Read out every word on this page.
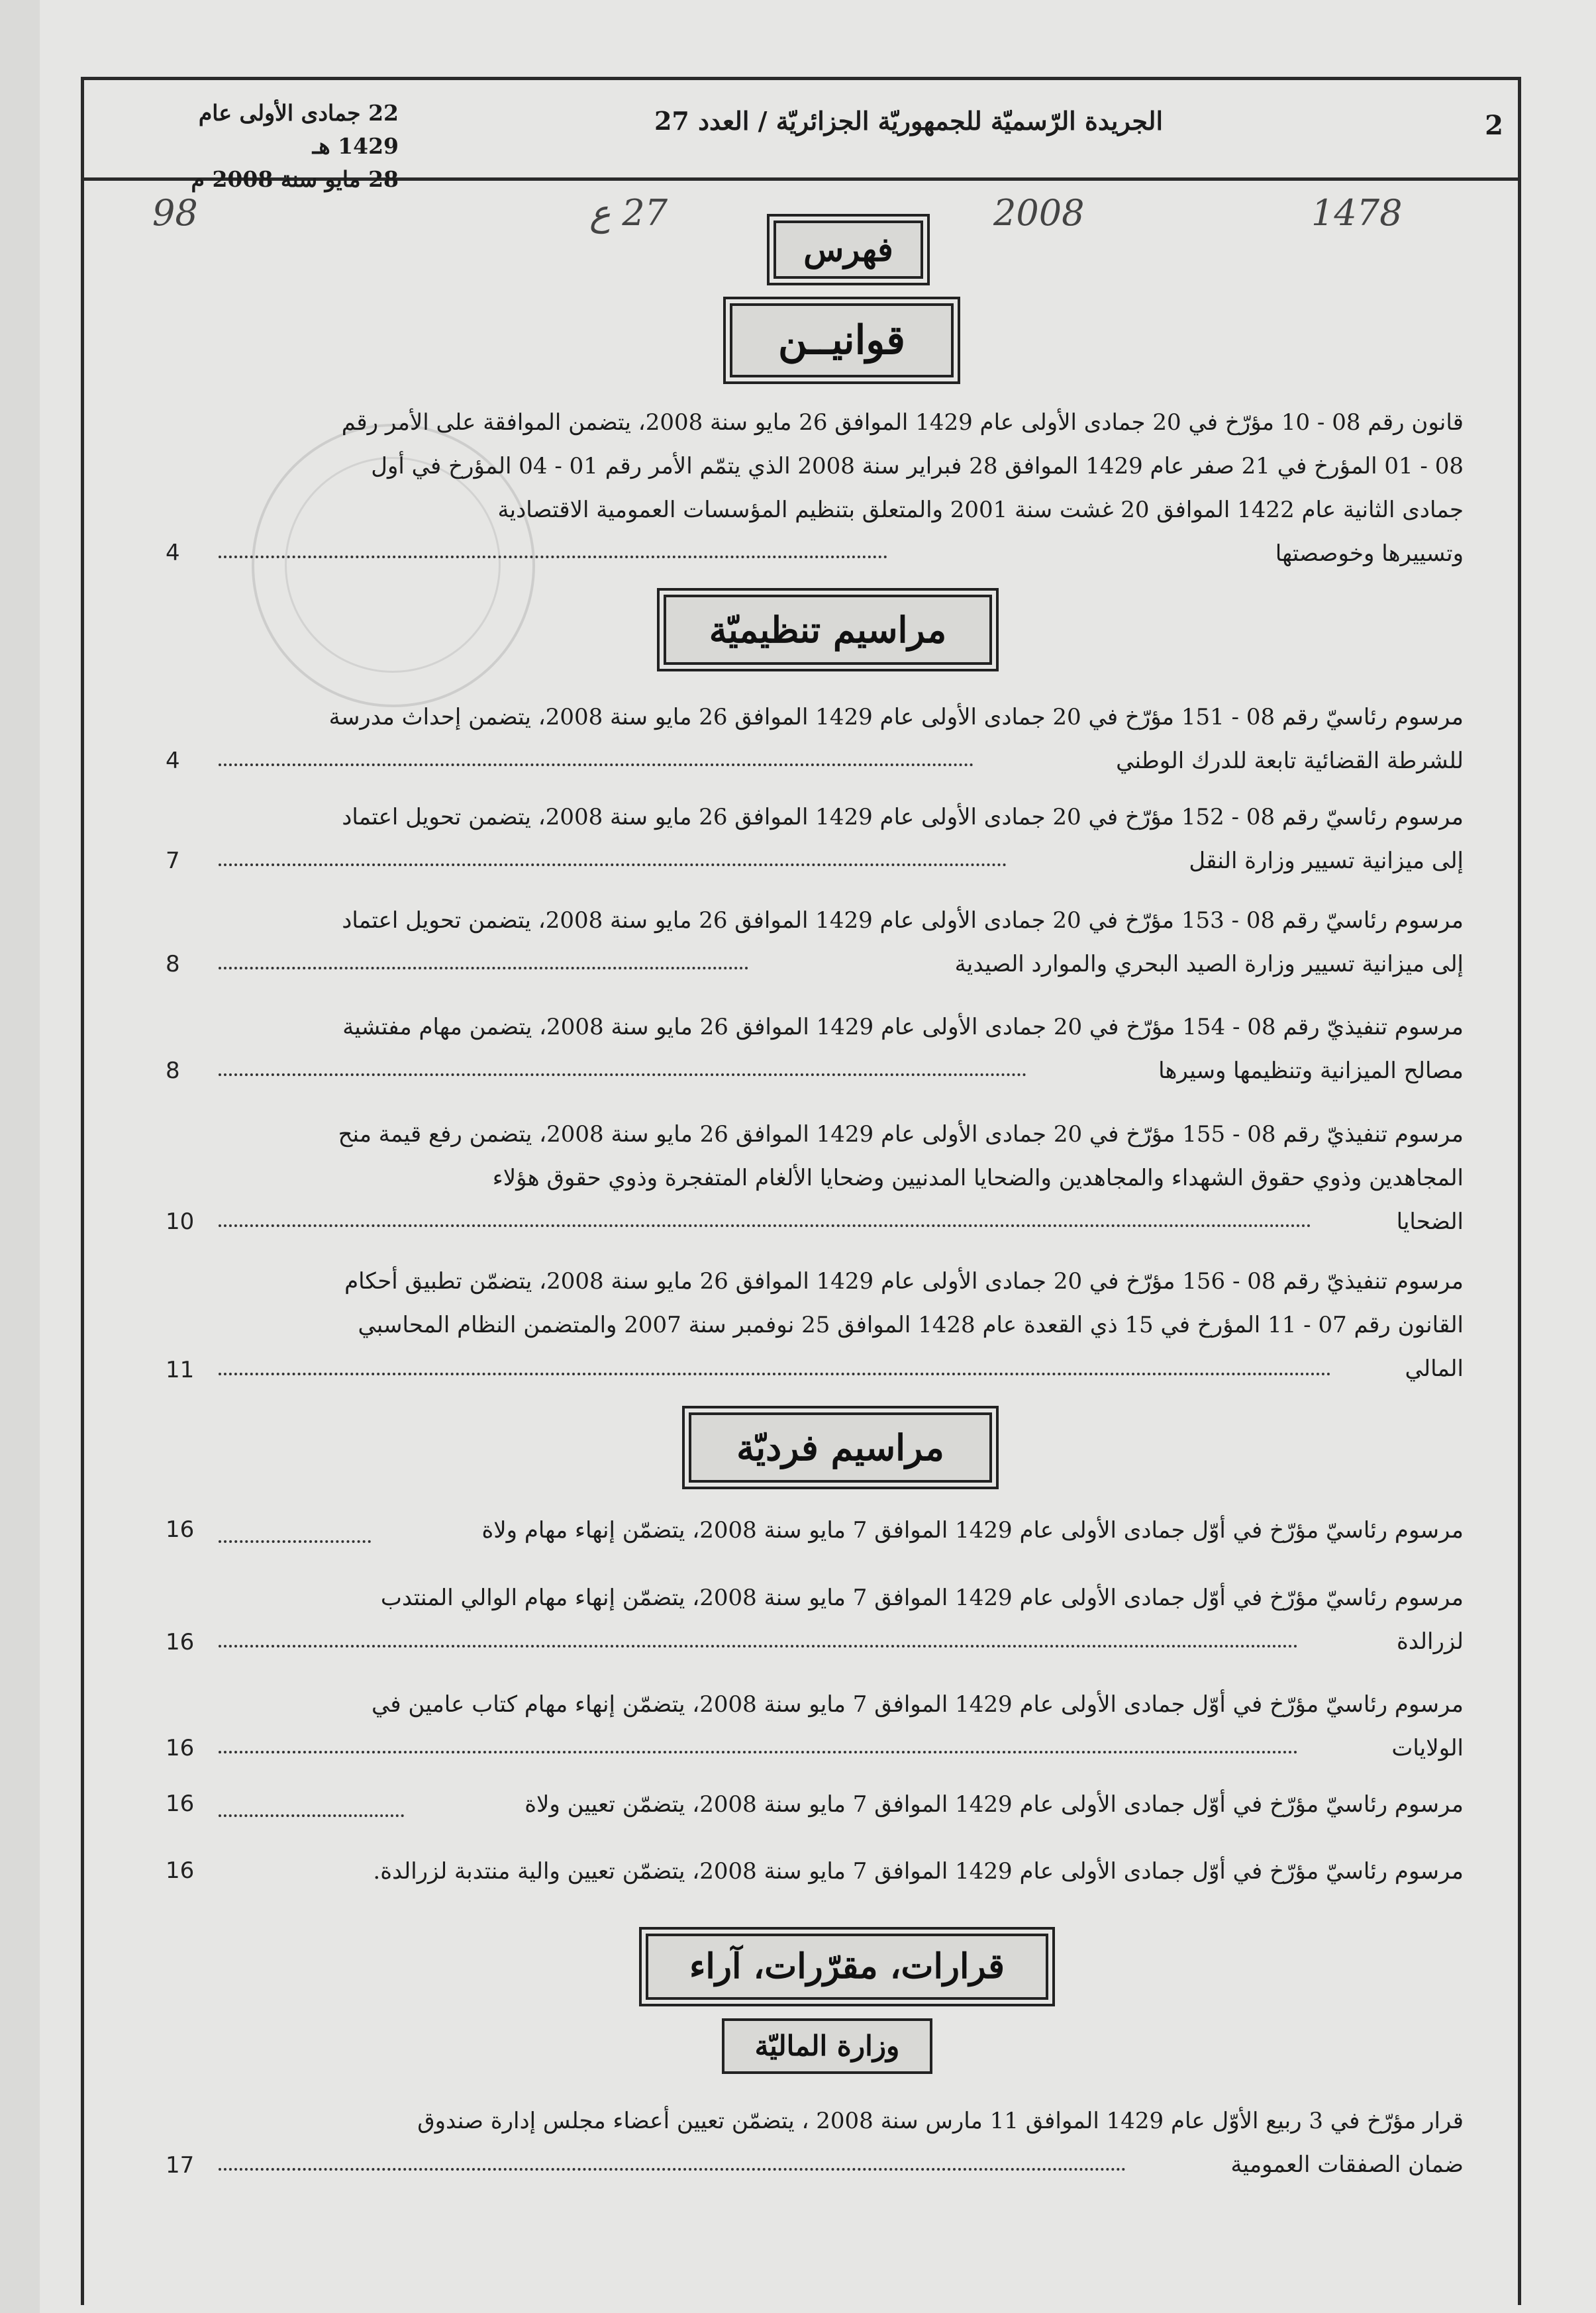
2
الجريدة الرّسميّة للجمهوريّة الجزائريّة / العدد 27
22 جمادى الأولى عام 1429 هـ
28 مايو سنة 2008 م
1478
2008
27 ع
98
فهرس
قوانيــن
مراسيم تنظيميّة
مراسيم فرديّة
قرارات، مقرّرات، آراء
وزارة الماليّة
قانون رقم 08 - 10 مؤرّخ في 20 جمادى الأولى عام 1429 الموافق 26 مايو سنة 2008، يتضمن الموافقة على الأمر رقم
08 - 01 المؤرخ في 21 صفر عام 1429 الموافق 28 فبراير سنة 2008 الذي يتمّم الأمر رقم 01 - 04 المؤرخ في أول
جمادى الثانية عام 1422 الموافق 20 غشت سنة 2001 والمتعلق بتنظيم المؤسسات العمومية الاقتصادية
وتسييرها وخوصصتها
4
مرسوم رئاسيّ رقم 08 - 151 مؤرّخ في 20 جمادى الأولى عام 1429 الموافق 26 مايو سنة 2008، يتضمن إحداث مدرسة
للشرطة القضائية تابعة للدرك الوطني
4
مرسوم رئاسيّ رقم 08 - 152 مؤرّخ في 20 جمادى الأولى عام 1429 الموافق 26 مايو سنة 2008، يتضمن تحويل اعتماد
إلى ميزانية تسيير وزارة النقل
7
مرسوم رئاسيّ رقم 08 - 153 مؤرّخ في 20 جمادى الأولى عام 1429 الموافق 26 مايو سنة 2008، يتضمن تحويل اعتماد
إلى ميزانية تسيير وزارة الصيد البحري والموارد الصيدية
8
مرسوم تنفيذيّ رقم 08 - 154 مؤرّخ في 20 جمادى الأولى عام 1429 الموافق 26 مايو سنة 2008، يتضمن مهام مفتشية
مصالح الميزانية وتنظيمها وسيرها
8
مرسوم تنفيذيّ رقم 08 - 155 مؤرّخ في 20 جمادى الأولى عام 1429 الموافق 26 مايو سنة 2008، يتضمن رفع قيمة منح
المجاهدين وذوي حقوق الشهداء والمجاهدين والضحايا المدنيين وضحايا الألغام المتفجرة وذوي حقوق هؤلاء
الضحايا
10
مرسوم تنفيذيّ رقم 08 - 156 مؤرّخ في 20 جمادى الأولى عام 1429 الموافق 26 مايو سنة 2008، يتضمّن تطبيق أحكام
القانون رقم 07 - 11 المؤرخ في 15 ذي القعدة عام 1428 الموافق 25 نوفمبر سنة 2007 والمتضمن النظام المحاسبي
المالي
11
مرسوم رئاسيّ مؤرّخ في أوّل جمادى الأولى عام 1429 الموافق 7 مايو سنة 2008، يتضمّن إنهاء مهام ولاة
16
مرسوم رئاسيّ مؤرّخ في أوّل جمادى الأولى عام 1429 الموافق 7 مايو سنة 2008، يتضمّن إنهاء مهام الوالي المنتدب
لزرالدة
16
مرسوم رئاسيّ مؤرّخ في أوّل جمادى الأولى عام 1429 الموافق 7 مايو سنة 2008، يتضمّن إنهاء مهام كتاب عامين في
الولايات
16
مرسوم رئاسيّ مؤرّخ في أوّل جمادى الأولى عام 1429 الموافق 7 مايو سنة 2008، يتضمّن تعيين ولاة
16
مرسوم رئاسيّ مؤرّخ في أوّل جمادى الأولى عام 1429 الموافق 7 مايو سنة 2008، يتضمّن تعيين والية منتدبة لزرالدة.
16
قرار مؤرّخ في 3 ربيع الأوّل عام 1429 الموافق 11 مارس سنة 2008 ، يتضمّن تعيين أعضاء مجلس إدارة صندوق
ضمان الصفقات العمومية
17
